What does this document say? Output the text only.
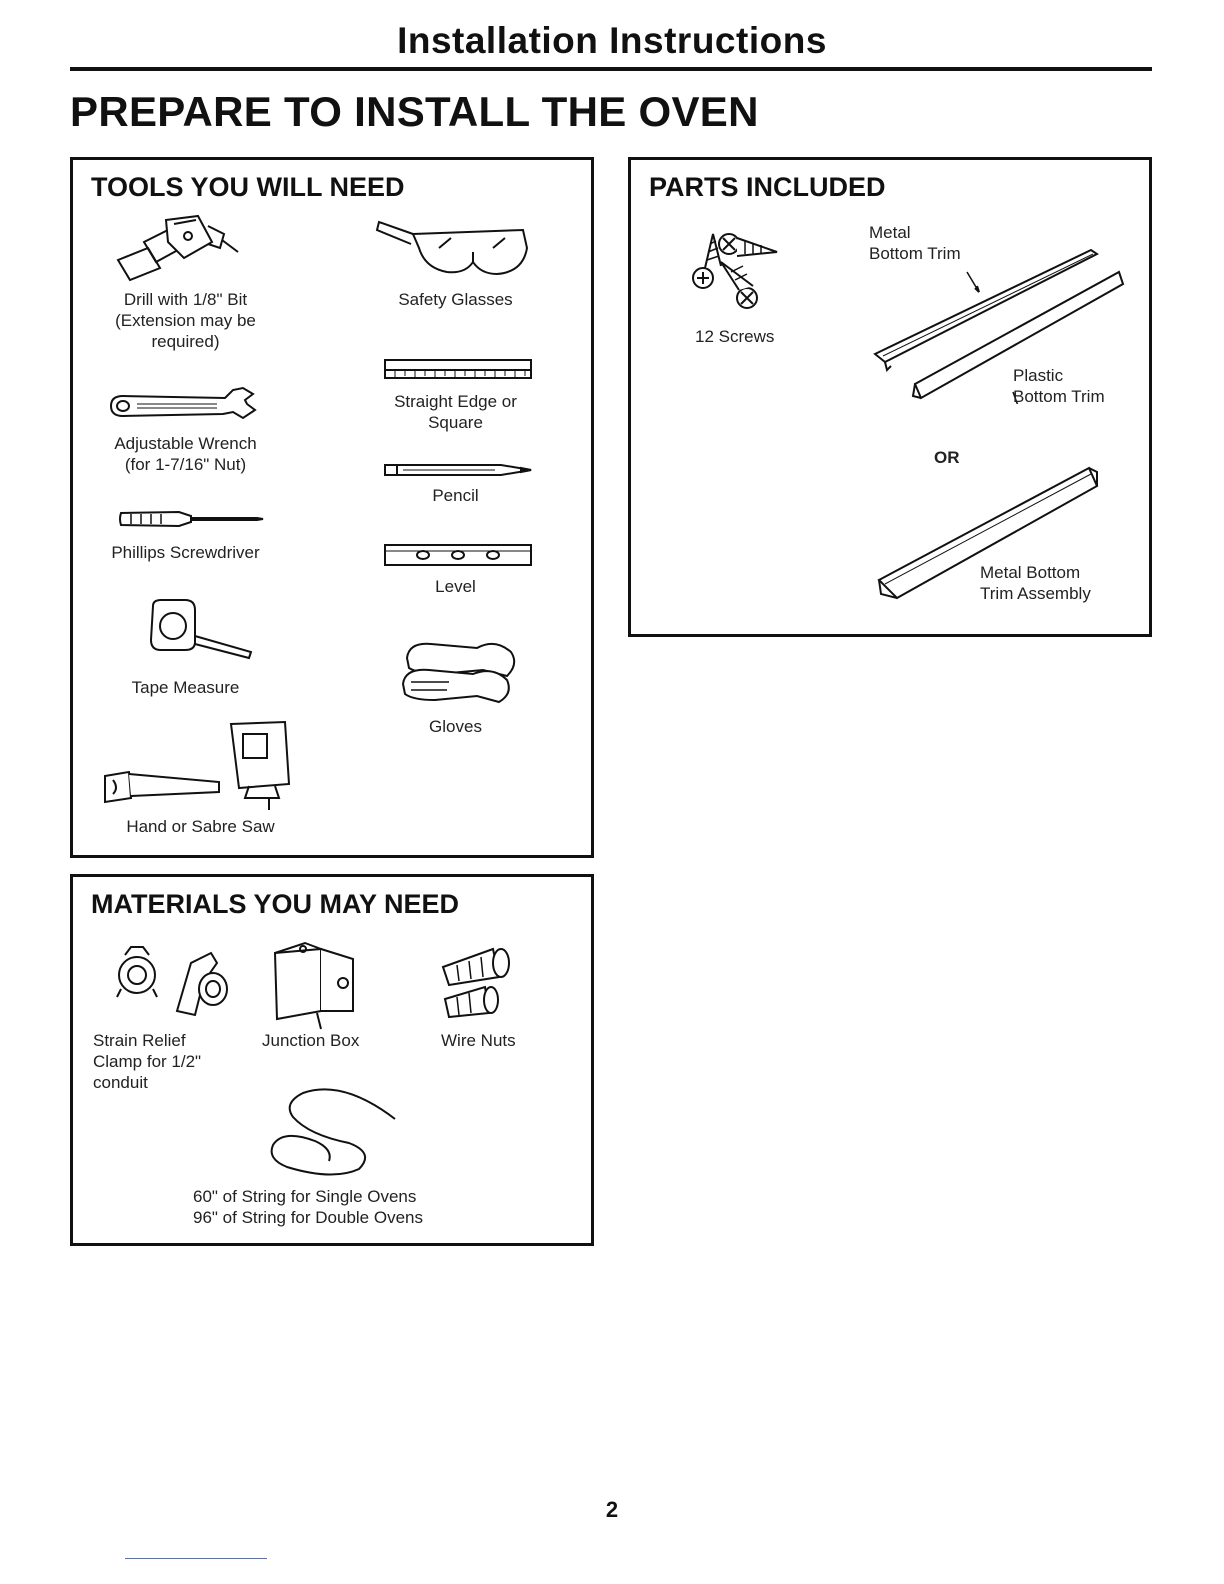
Installation Instructions
PREPARE TO INSTALL THE OVEN
TOOLS YOU WILL NEED
Drill with 1/8" Bit
(Extension may be
required)
Safety Glasses
Straight Edge or
Square
Adjustable Wrench
(for 1-7/16" Nut)
Pencil
Phillips Screwdriver
Level
Tape Measure
Gloves
Hand or Sabre Saw
PARTS INCLUDED
12 Screws
Metal
Bottom Trim
Plastic
Bottom Trim
OR
Metal Bottom
Trim Assembly
MATERIALS YOU MAY NEED
Strain Relief
Clamp for 1/2"
conduit
Junction Box	Wire Nuts
60" of String for Single Ovens
96" of String for Double Ovens
2
